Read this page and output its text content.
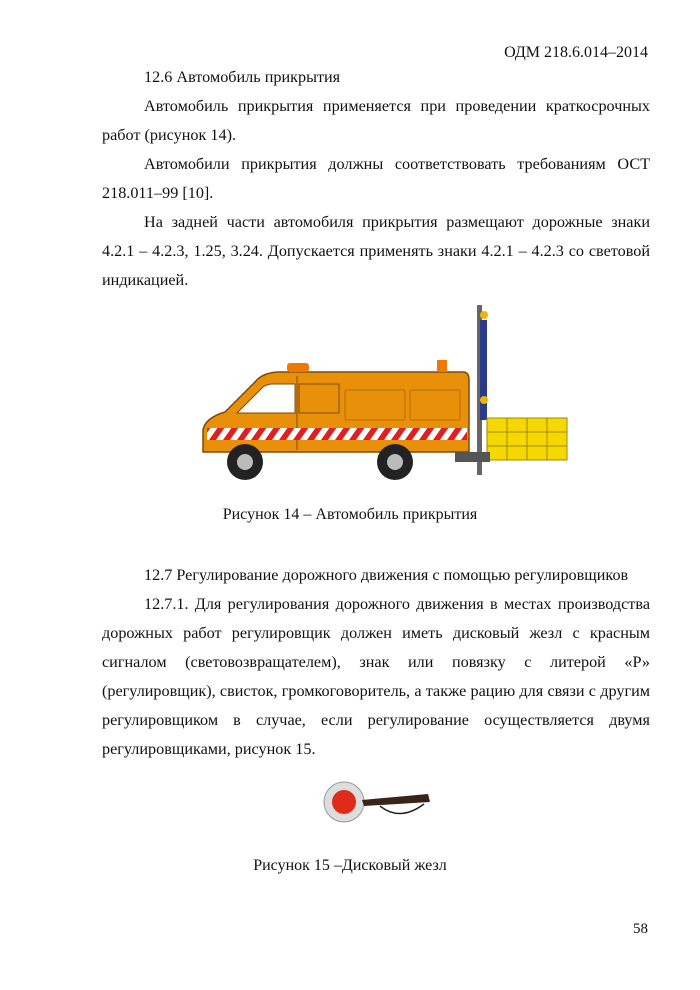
ОДМ 218.6.014–2014

12.6 Автомобиль прикрытия

Автомобиль прикрытия применяется при проведении краткосрочных работ (рисунок 14).

Автомобили прикрытия должны соответствовать требованиям ОСТ 218.011–99 [10].

На задней части автомобиля прикрытия размещают дорожные знаки 4.2.1 – 4.2.3, 1.25, 3.24. Допускается применять знаки 4.2.1 – 4.2.3 со световой индикацией.

Рисунок 14 – Автомобиль прикрытия

12.7 Регулирование дорожного движения с помощью регулировщиков

12.7.1. Для регулирования дорожного движения в местах производства дорожных работ регулировщик должен иметь дисковый жезл с красным сигналом (световозвращателем), знак или повязку с литерой «Р» (регулировщик), свисток, громкоговоритель, а также рацию для связи с другим регулировщиком в случае, если регулирование осуществляется двумя регулировщиками, рисунок 15.

Рисунок 15 –Дисковый жезл
58
